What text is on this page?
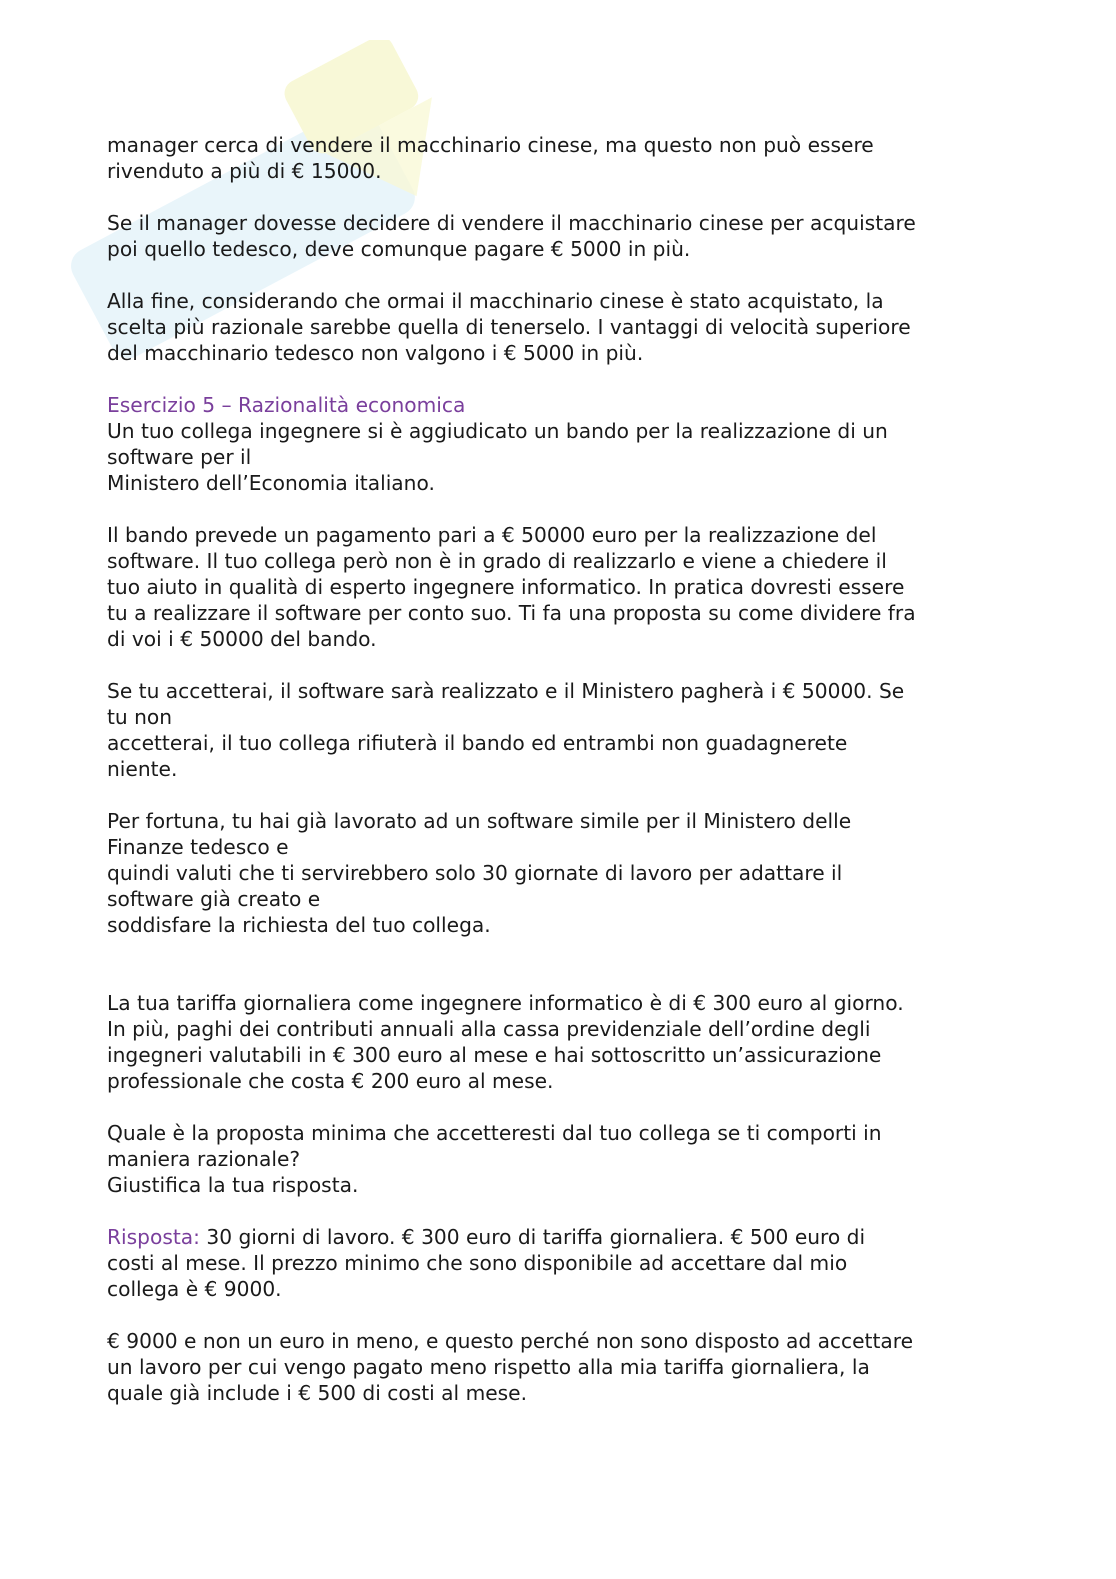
manager cerca di vendere il macchinario cinese, ma questo non può essere
rivenduto a più di € 15000.
Se il manager dovesse decidere di vendere il macchinario cinese per acquistare
poi quello tedesco, deve comunque pagare € 5000 in più.
Alla fine, considerando che ormai il macchinario cinese è stato acquistato, la
scelta più razionale sarebbe quella di tenerselo. I vantaggi di velocità superiore
del macchinario tedesco non valgono i € 5000 in più.
Esercizio 5 – Razionalità economica
Un tuo collega ingegnere si è aggiudicato un bando per la realizzazione di un
software per il
Ministero dell’Economia italiano.
Il bando prevede un pagamento pari a € 50000 euro per la realizzazione del
software. Il tuo collega però non è in grado di realizzarlo e viene a chiedere il
tuo aiuto in qualità di esperto ingegnere informatico. In pratica dovresti essere
tu a realizzare il software per conto suo. Ti fa una proposta su come dividere fra
di voi i € 50000 del bando.
Se tu accetterai, il software sarà realizzato e il Ministero pagherà i € 50000. Se
tu non
accetterai, il tuo collega rifiuterà il bando ed entrambi non guadagnerete
niente.
Per fortuna, tu hai già lavorato ad un software simile per il Ministero delle
Finanze tedesco e
quindi valuti che ti servirebbero solo 30 giornate di lavoro per adattare il
software già creato e
soddisfare la richiesta del tuo collega.
La tua tariffa giornaliera come ingegnere informatico è di € 300 euro al giorno.
In più, paghi dei contributi annuali alla cassa previdenziale dell’ordine degli
ingegneri valutabili in € 300 euro al mese e hai sottoscritto un’assicurazione
professionale che costa € 200 euro al mese.
Quale è la proposta minima che accetteresti dal tuo collega se ti comporti in
maniera razionale?
Giustifica la tua risposta.
Risposta: 30 giorni di lavoro. € 300 euro di tariffa giornaliera. € 500 euro di
costi al mese. Il prezzo minimo che sono disponibile ad accettare dal mio
collega è € 9000.
€ 9000 e non un euro in meno, e questo perché non sono disposto ad accettare
un lavoro per cui vengo pagato meno rispetto alla mia tariffa giornaliera, la
quale già include i € 500 di costi al mese.
